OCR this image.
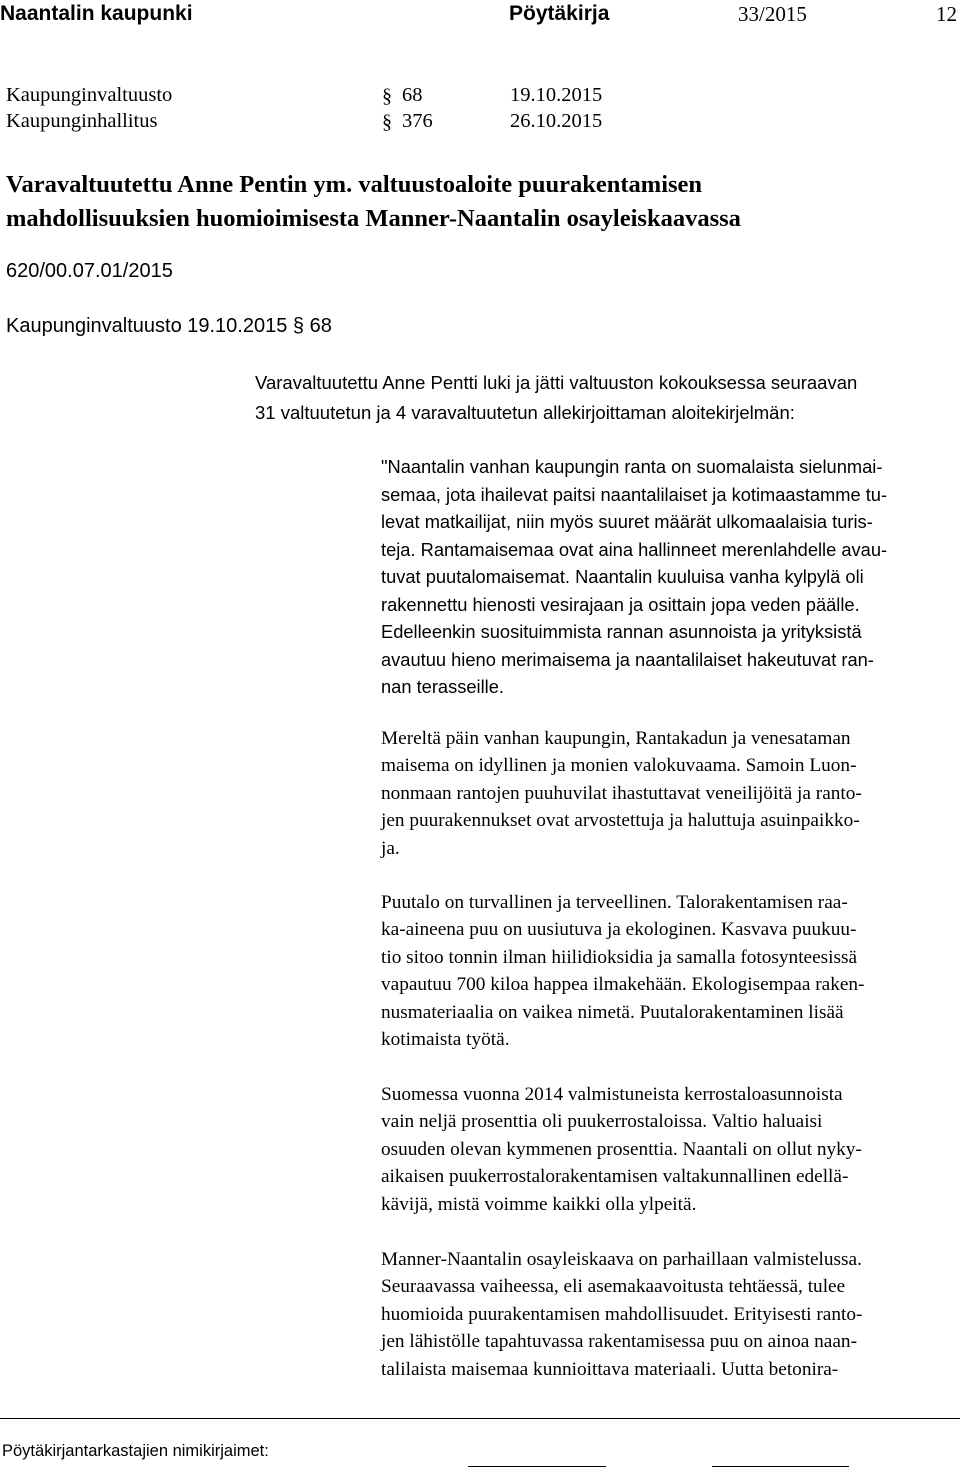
Naantalin kaupunki	Pöytäkirja	33/2015	12
Kaupunginvaltuusto	§ 68	19.10.2015
Kaupunginhallitus	§ 376	26.10.2015
Varavaltuutettu Anne Pentin ym. valtuustoaloite puurakentamisen
mahdollisuuksien huomioimisesta Manner-Naantalin osayleiskaavassa
620/00.07.01/2015
Kaupunginvaltuusto 19.10.2015 § 68
Varavaltuutettu Anne Pentti luki ja jätti valtuuston kokouksessa seuraavan
31 valtuutetun ja 4 varavaltuutetun allekirjoittaman aloitekirjelmän:
"Naantalin vanhan kaupungin ranta on suomalaista sielunmai-
semaa, jota ihailevat paitsi naantalilaiset ja kotimaastamme tu-
levat matkailijat, niin myös suuret määrät ulkomaalaisia turis-
teja. Rantamaisemaa ovat aina hallinneet merenlahdelle avau-
tuvat puutalomaisemat. Naantalin kuuluisa vanha kylpylä oli
rakennettu hienosti vesirajaan ja osittain jopa veden päälle.
Edelleenkin suosituimmista rannan asunnoista ja yrityksistä
avautuu hieno merimaisema ja naantalilaiset hakeutuvat ran-
nan terasseille.
Mereltä päin vanhan kaupungin, Rantakadun ja venesataman
maisema on idyllinen ja monien valokuvaama. Samoin Luon-
nonmaan rantojen puuhuvilat ihastuttavat veneilijöitä ja ranto-
jen puurakennukset ovat arvostettuja ja haluttuja asuinpaikko-
ja.
Puutalo on turvallinen ja terveellinen. Talorakentamisen raa-
ka-aineena puu on uusiutuva ja ekologinen. Kasvava puukuu-
tio sitoo tonnin ilman hiilidioksidia ja samalla fotosynteesissä
vapautuu 700 kiloa happea ilmakehään. Ekologisempaa raken-
nusmateriaalia on vaikea nimetä. Puutalorakentaminen lisää
kotimaista työtä.
Suomessa vuonna 2014 valmistuneista kerrostaloasunnoista
vain neljä prosenttia oli puukerrostaloissa. Valtio haluaisi
osuuden olevan kymmenen prosenttia. Naantali on ollut nyky-
aikaisen puukerrostalorakentamisen valtakunnallinen edellä-
kävijä, mistä voimme kaikki olla ylpeitä.
Manner-Naantalin osayleiskaava on parhaillaan valmistelussa.
Seuraavassa vaiheessa, eli asemakaavoitusta tehtäessä, tulee
huomioida puurakentamisen mahdollisuudet. Erityisesti ranto-
jen lähistölle tapahtuvassa rakentamisessa puu on ainoa naan-
talilaista maisemaa kunnioittava materiaali. Uutta betonira-
Pöytäkirjantarkastajien nimikirjaimet:
